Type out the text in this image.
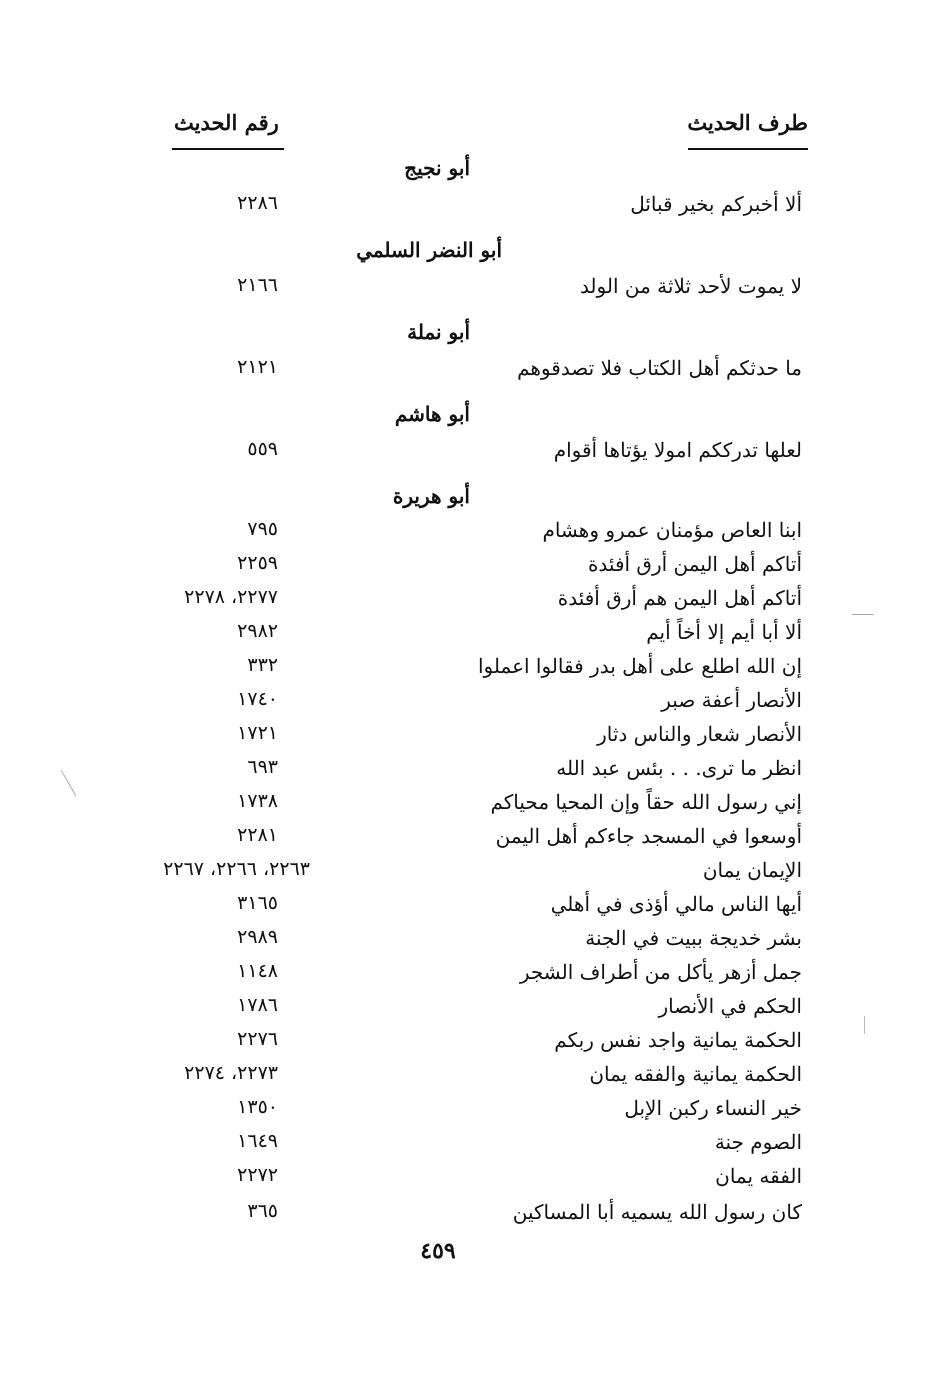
طرف الحديث
رقم الحديث
أبو نجيج
ألا أخبركم بخير قبائل
٢٢٨٦
أبو النضر السلمي
لا يموت لأحد ثلاثة من الولد
٢١٦٦
أبو نملة
ما حدثكم أهل الكتاب فلا تصدقوهم
٢١٢١
أبو هاشم
لعلها تدرككم امولا يؤتاها أقوام
٥٥٩
أبو هريرة
ابنا العاص مؤمنان عمرو وهشام
٧٩٥
أتاكم أهل اليمن أرق أفئدة
٢٢٥٩
أتاكم أهل اليمن هم أرق أفئدة
٢٢٧٧، ٢٢٧٨
ألا أبا أيم إلا أخاً أيم
٢٩٨٢
إن الله اطلع على أهل بدر فقالوا اعملوا
٣٣٢
الأنصار أعفة صبر
١٧٤٠
الأنصار شعار والناس دثار
١٧٢١
انظر ما ترى. . . بئس عبد الله
٦٩٣
إني رسول الله حقاً وإن المحيا محياكم
١٧٣٨
أوسعوا في المسجد جاءكم أهل اليمن
٢٢٨١
الإيمان يمان
٢٢٦٣، ٢٢٦٦، ٢٢٦٧
أيها الناس مالي أؤذى في أهلي
٣١٦٥
بشر خديجة ببيت في الجنة
٢٩٨٩
جمل أزهر يأكل من أطراف الشجر
١١٤٨
الحكم في الأنصار
١٧٨٦
الحكمة يمانية واجد نفس ربكم
٢٢٧٦
الحكمة يمانية والفقه يمان
٢٢٧٣، ٢٢٧٤
خير النساء ركبن الإبل
١٣٥٠
الصوم جنة
١٦٤٩
الفقه يمان
٢٢٧٢
كان رسول الله يسميه أبا المساكين
٣٦٥
٤٥٩
